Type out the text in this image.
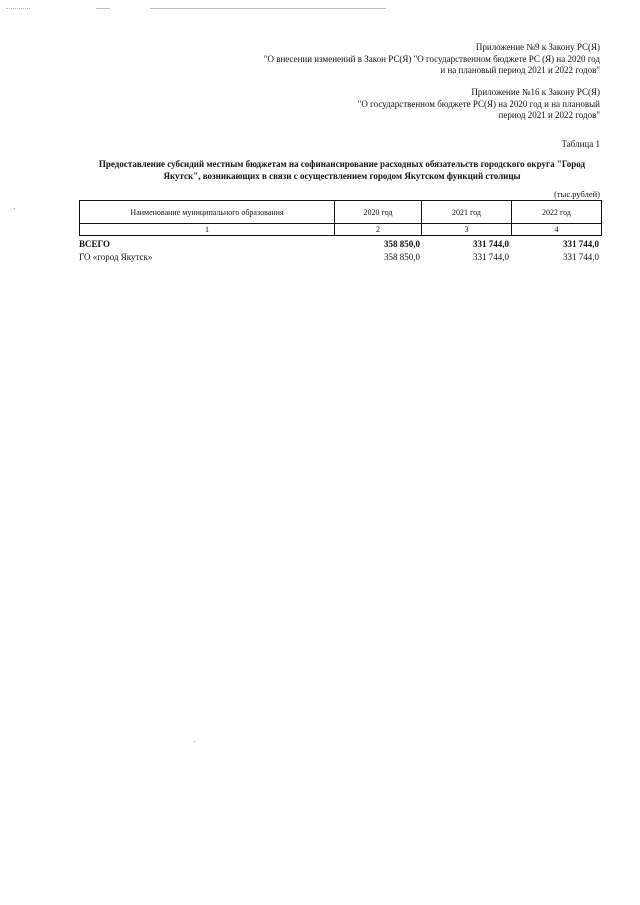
Приложение №9 к Закону РС(Я)
"О внесении изменений в Закон РС(Я) "О государственном бюджете РС (Я) на 2020 год
и на плановый период 2021 и 2022 годов"
Приложение №16 к Закону РС(Я)
"О государственном бюджете РС(Я) на 2020 год и на плановый
период 2021 и 2022 годов"
Таблица 1
Предоставление субсидий местным бюджетам на софинансирование расходных обязательств городского округа "Город
Якутск", возникающих в связи с осуществлением городом Якутском функций столицы
(тыс.рублей)
Наименование муниципального образования	2020 год	2021 год	2022 год
1	2	3	4
ВСЕГО	358 850,0	331 744,0	331 744,0
ГО «город Якутск»	358 850,0	331 744,0	331 744,0
